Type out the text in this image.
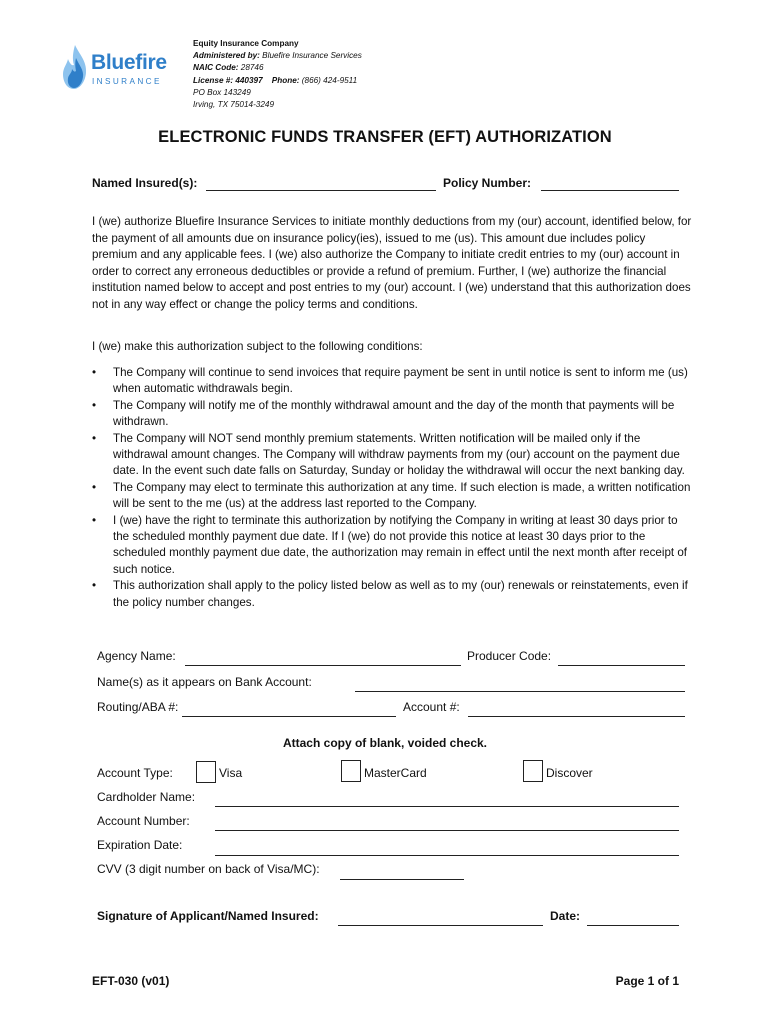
Bluefire
INSURANCE
Equity Insurance Company
Administered by: Bluefire Insurance Services
NAIC Code: 28746
License #: 440397 Phone: (866) 424-9511
PO Box 143249
Irving, TX 75014-3249
ELECTRONIC FUNDS TRANSFER (EFT) AUTHORIZATION
Named Insured(s):	Policy Number:
I (we) authorize Bluefire Insurance Services to initiate monthly deductions from my (our) account, identified below, for the payment of all amounts due on insurance policy(ies), issued to me (us). This amount due includes policy premium and any applicable fees. I (we) also authorize the Company to initiate credit entries to my (our) account in order to correct any erroneous deductibles or provide a refund of premium. Further, I (we) authorize the financial institution named below to accept and post entries to my (our) account. I (we) understand that this authorization does not in any way effect or change the policy terms and conditions.
I (we) make this authorization subject to the following conditions:
• The Company will continue to send invoices that require payment be sent in until notice is sent to inform me (us) when automatic withdrawals begin.
• The Company will notify me of the monthly withdrawal amount and the day of the month that payments will be withdrawn.
• The Company will NOT send monthly premium statements. Written notification will be mailed only if the withdrawal amount changes. The Company will withdraw payments from my (our) account on the payment due date. In the event such date falls on Saturday, Sunday or holiday the withdrawal will occur the next banking day.
• The Company may elect to terminate this authorization at any time. If such election is made, a written notification will be sent to the me (us) at the address last reported to the Company.
• I (we) have the right to terminate this authorization by notifying the Company in writing at least 30 days prior to the scheduled monthly payment due date. If I (we) do not provide this notice at least 30 days prior to the scheduled monthly payment due date, the authorization may remain in effect until the next month after receipt of such notice.
• This authorization shall apply to the policy listed below as well as to my (our) renewals or reinstatements, even if the policy number changes.
Agency Name:	Producer Code:
Name(s) as it appears on Bank Account:
Routing/ABA #:	Account #:
Attach copy of blank, voided check.
Account Type:	Visa	MasterCard	Discover
Cardholder Name:
Account Number:
Expiration Date:
CVV (3 digit number on back of Visa/MC):
Signature of Applicant/Named Insured:	Date:
EFT-030 (v01)	Page 1 of 1
